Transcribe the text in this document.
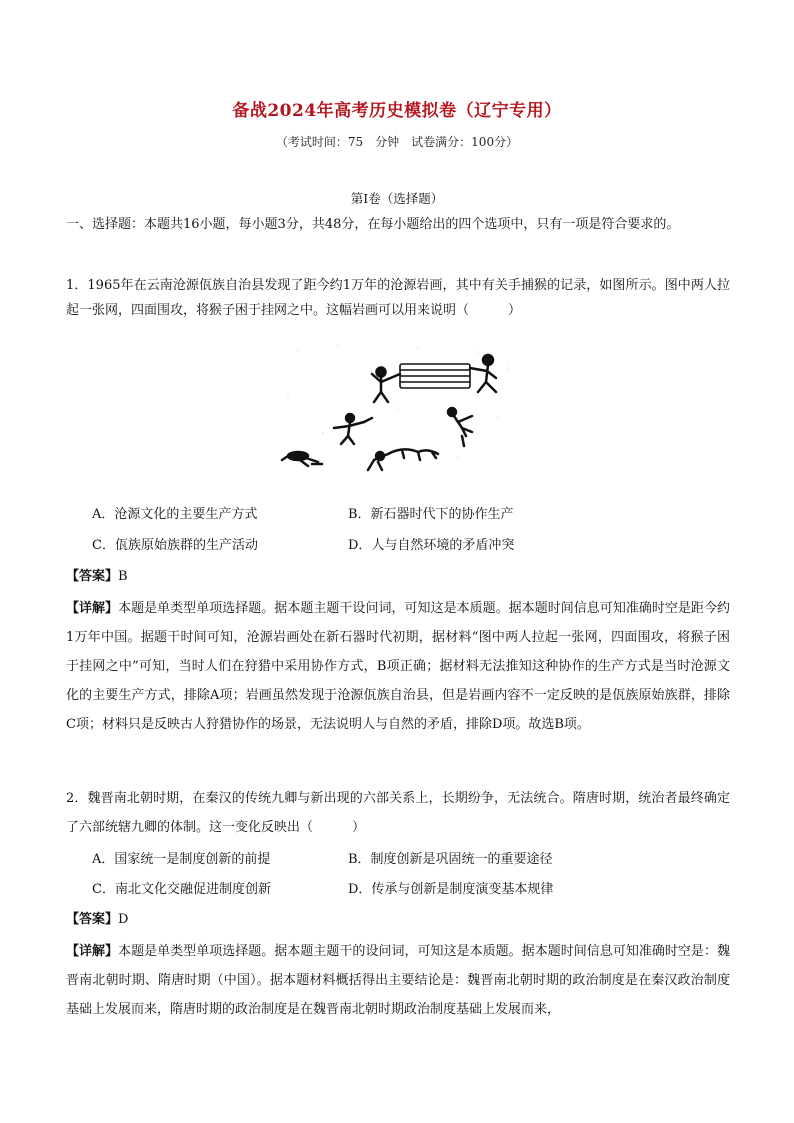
备战2024年高考历史模拟卷（辽宁专用）
（考试时间：75　分钟　试卷满分：100分）
第Ⅰ卷（选择题）
一、选择题：本题共16小题，每小题3分，共48分，在每小题给出的四个选项中，只有一项是符合要求的。
1．1965年在云南沧源佤族自治县发现了距今约1万年的沧源岩画，其中有关手捕猴的记录，如图所示。图中两人拉起一张网，四面围攻，将猴子困于挂网之中。这幅岩画可以用来说明（　　　）
A．沧源文化的主要生产方式	B．新石器时代下的协作生产
C．佤族原始族群的生产活动	D．人与自然环境的矛盾冲突
【答案】B
【详解】本题是单类型单项选择题。据本题主题干设问词，可知这是本质题。据本题时间信息可知准确时空是距今约1万年中国。据题干时间可知，沧源岩画处在新石器时代初期，据材料“图中两人拉起一张网，四面围攻，将猴子困于挂网之中”可知，当时人们在狩猎中采用协作方式，B项正确；据材料无法推知这种协作的生产方式是当时沧源文化的主要生产方式，排除A项；岩画虽然发现于沧源佤族自治县，但是岩画内容不一定反映的是佤族原始族群，排除C项；材料只是反映古人狩猎协作的场景，无法说明人与自然的矛盾，排除D项。故选B项。
2．魏晋南北朝时期，在秦汉的传统九卿与新出现的六部关系上，长期纷争，无法统合。隋唐时期，统治者最终确定了六部统辖九卿的体制。这一变化反映出（　　　）
A．国家统一是制度创新的前提	B．制度创新是巩固统一的重要途径
C．南北文化交融促进制度创新	D．传承与创新是制度演变基本规律
【答案】D
【详解】本题是单类型单项选择题。据本题主题干的设问词，可知这是本质题。据本题时间信息可知准确时空是：魏晋南北朝时期、隋唐时期（中国）。据本题材料概括得出主要结论是：魏晋南北朝时期的政治制度是在秦汉政治制度基础上发展而来，隋唐时期的政治制度是在魏晋南北朝时期政治制度基础上发展而来，
